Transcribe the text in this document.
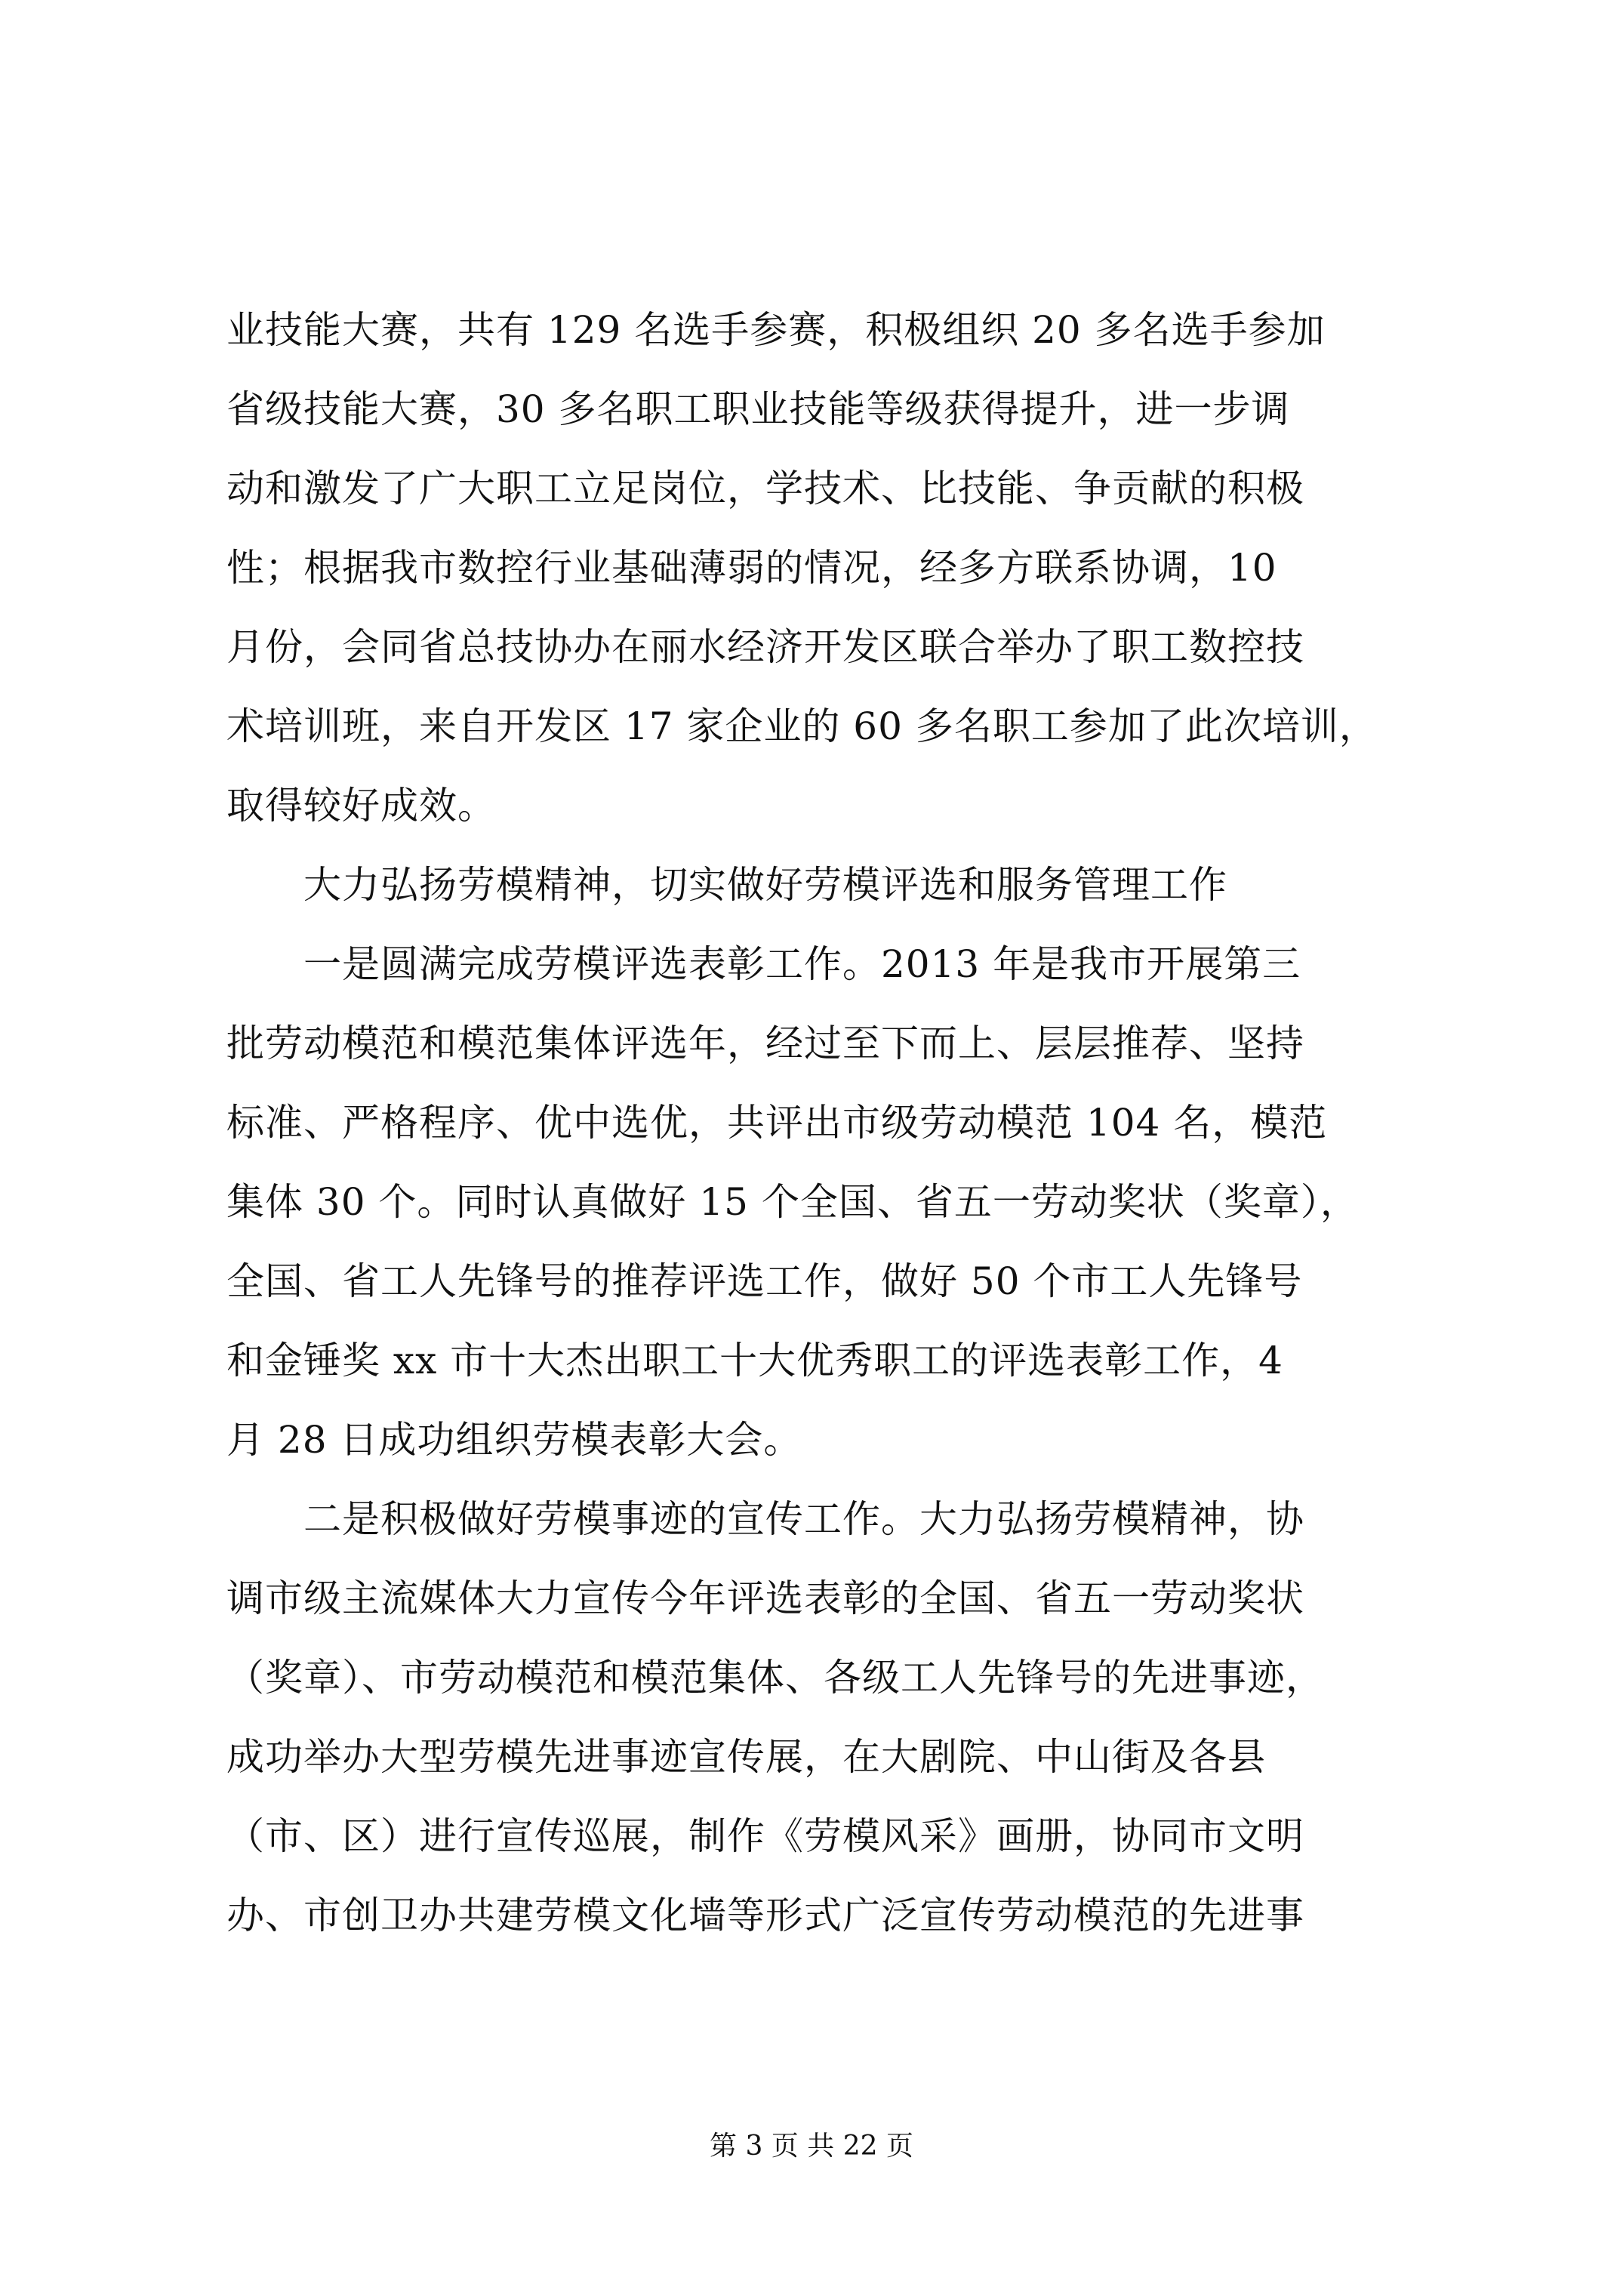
业技能大赛，共有 129 名选手参赛，积极组织 20 多名选手参加
省级技能大赛，30 多名职工职业技能等级获得提升，进一步调
动和激发了广大职工立足岗位，学技术、比技能、争贡献的积极
性；根据我市数控行业基础薄弱的情况，经多方联系协调，10
月份，会同省总技协办在丽水经济开发区联合举办了职工数控技
术培训班，来自开发区 17 家企业的 60 多名职工参加了此次培训，
取得较好成效。
　　大力弘扬劳模精神，切实做好劳模评选和服务管理工作
　　一是圆满完成劳模评选表彰工作。2013 年是我市开展第三
批劳动模范和模范集体评选年，经过至下而上、层层推荐、坚持
标准、严格程序、优中选优，共评出市级劳动模范 104 名，模范
集体 30 个。同时认真做好 15 个全国、省五一劳动奖状（奖章），
全国、省工人先锋号的推荐评选工作，做好 50 个市工人先锋号
和金锤奖 xx 市十大杰出职工十大优秀职工的评选表彰工作，4
月 28 日成功组织劳模表彰大会。
　　二是积极做好劳模事迹的宣传工作。大力弘扬劳模精神，协
调市级主流媒体大力宣传今年评选表彰的全国、省五一劳动奖状
（奖章）、市劳动模范和模范集体、各级工人先锋号的先进事迹，
成功举办大型劳模先进事迹宣传展，在大剧院、中山街及各县
（市、区）进行宣传巡展，制作《劳模风采》画册，协同市文明
办、市创卫办共建劳模文化墙等形式广泛宣传劳动模范的先进事
第 3 页 共 22 页
